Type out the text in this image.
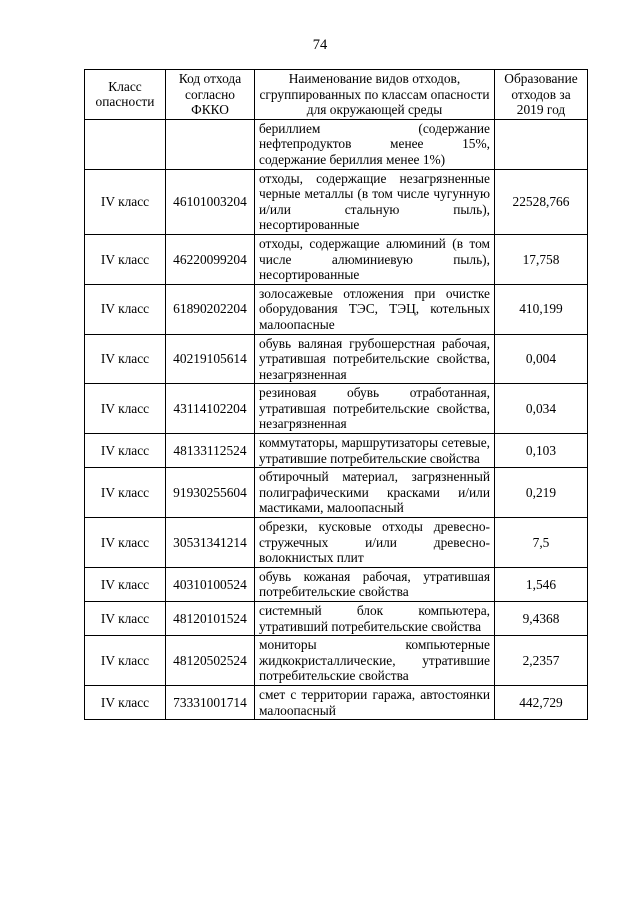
74
Класс опасности	Код отхода согласно ФККО	Наименование видов отходов, сгруппированных по классам опасности для окружающей среды	Образование отходов за 2019 год
		бериллием (содержание нефтепродуктов менее 15%, содержание бериллия менее 1%)	
IV класс	46101003204	отходы, содержащие незагрязненные черные металлы (в том числе чугунную и/или стальную пыль), несортированные	22528,766
IV класс	46220099204	отходы, содержащие алюминий (в том числе алюминиевую пыль), несортированные	17,758
IV класс	61890202204	золосажевые отложения при очистке оборудования ТЭС, ТЭЦ, котельных малоопасные	410,199
IV класс	40219105614	обувь валяная грубошерстная рабочая, утратившая потребительские свойства, незагрязненная	0,004
IV класс	43114102204	резиновая обувь отработанная, утратившая потребительские свойства, незагрязненная	0,034
IV класс	48133112524	коммутаторы, маршрутизаторы сетевые, утратившие потребительские свойства	0,103
IV класс	91930255604	обтирочный материал, загрязненный полиграфическими красками и/или мастиками, малоопасный	0,219
IV класс	30531341214	обрезки, кусковые отходы древесно-стружечных и/или древесно-волокнистых плит	7,5
IV класс	40310100524	обувь кожаная рабочая, утратившая потребительские свойства	1,546
IV класс	48120101524	системный блок компьютера, утративший потребительские свойства	9,4368
IV класс	48120502524	мониторы компьютерные жидкокристаллические, утратившие потребительские свойства	2,2357
IV класс	73331001714	смет с территории гаража, автостоянки малоопасный	442,729
